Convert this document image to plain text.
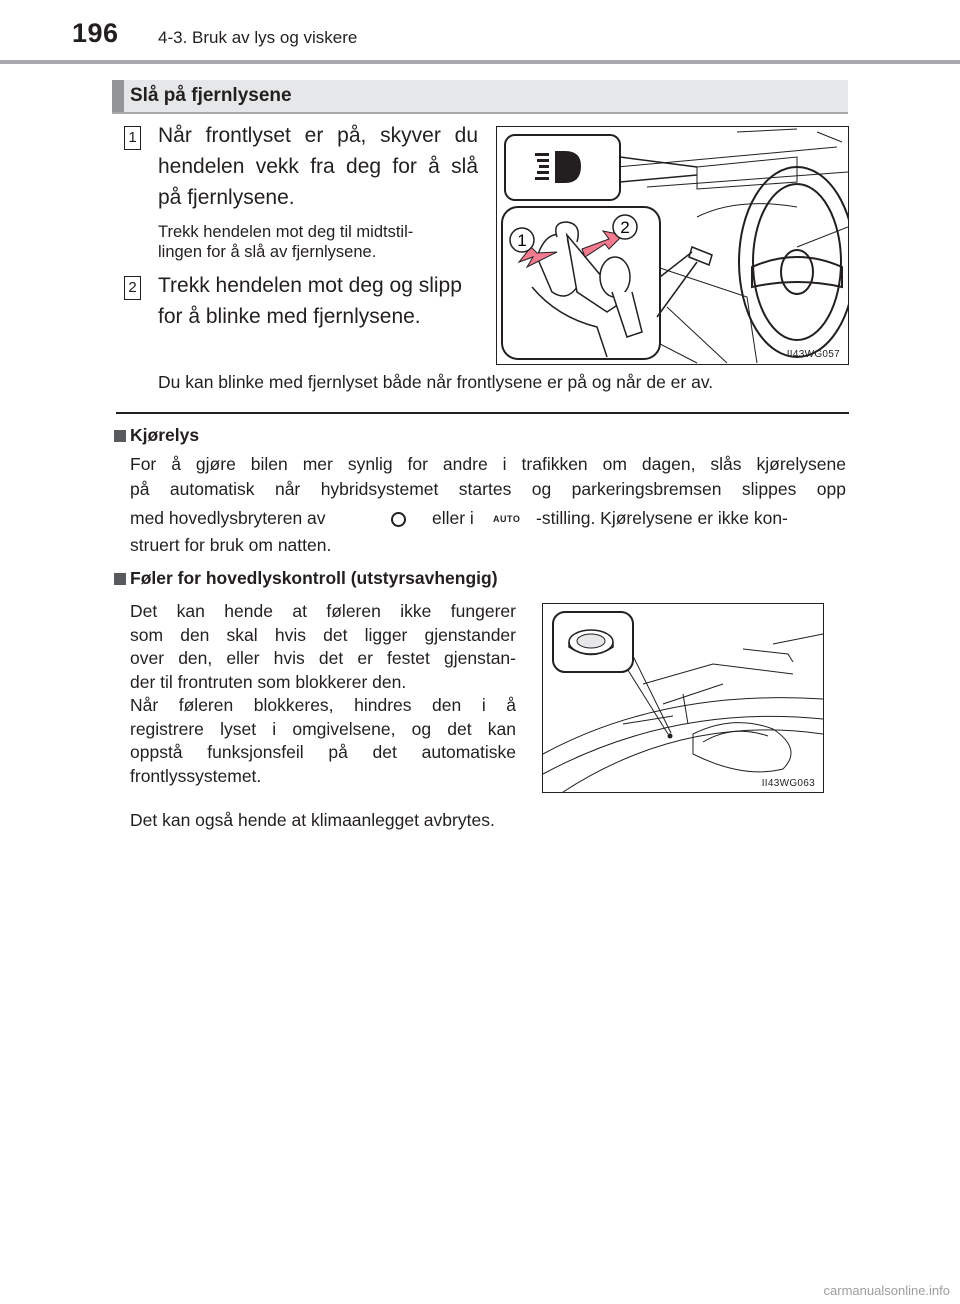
196 4-3. Bruk av lys og viskere
Slå på fjernlysene
1 Når frontlyset er på, skyver du
hendelen vekk fra deg for å slå
på fjernlysene.
Trekk hendelen mot deg til midtstil-
lingen for å slå av fjernlysene.
2 Trekk hendelen mot deg og slipp
for å blinke med fjernlysene.
1
2
II43WG057
Du kan blinke med fjernlyset både når frontlysene er på og når de er av.
Kjørelys
For å gjøre bilen mer synlig for andre i trafikken om dagen, slås kjørelysene
på automatisk når hybridsystemet startes og parkeringsbremsen slippes opp
med hovedlysbryteren av	eller i AUTO -stilling. Kjørelysene er ikke kon-
struert for bruk om natten.
Føler for hovedlyskontroll (utstyrsavhengig)
Det kan hende at føleren ikke fungerer
som den skal hvis det ligger gjenstander
over den, eller hvis det er festet gjenstan-
der til frontruten som blokkerer den.
Når føleren blokkeres, hindres den i å
registrere lyset i omgivelsene, og det kan
oppstå funksjonsfeil på det automatiske
frontlyssystemet.	II43WG063
Det kan også hende at klimaanlegget avbrytes.
carmanualsonline.info
